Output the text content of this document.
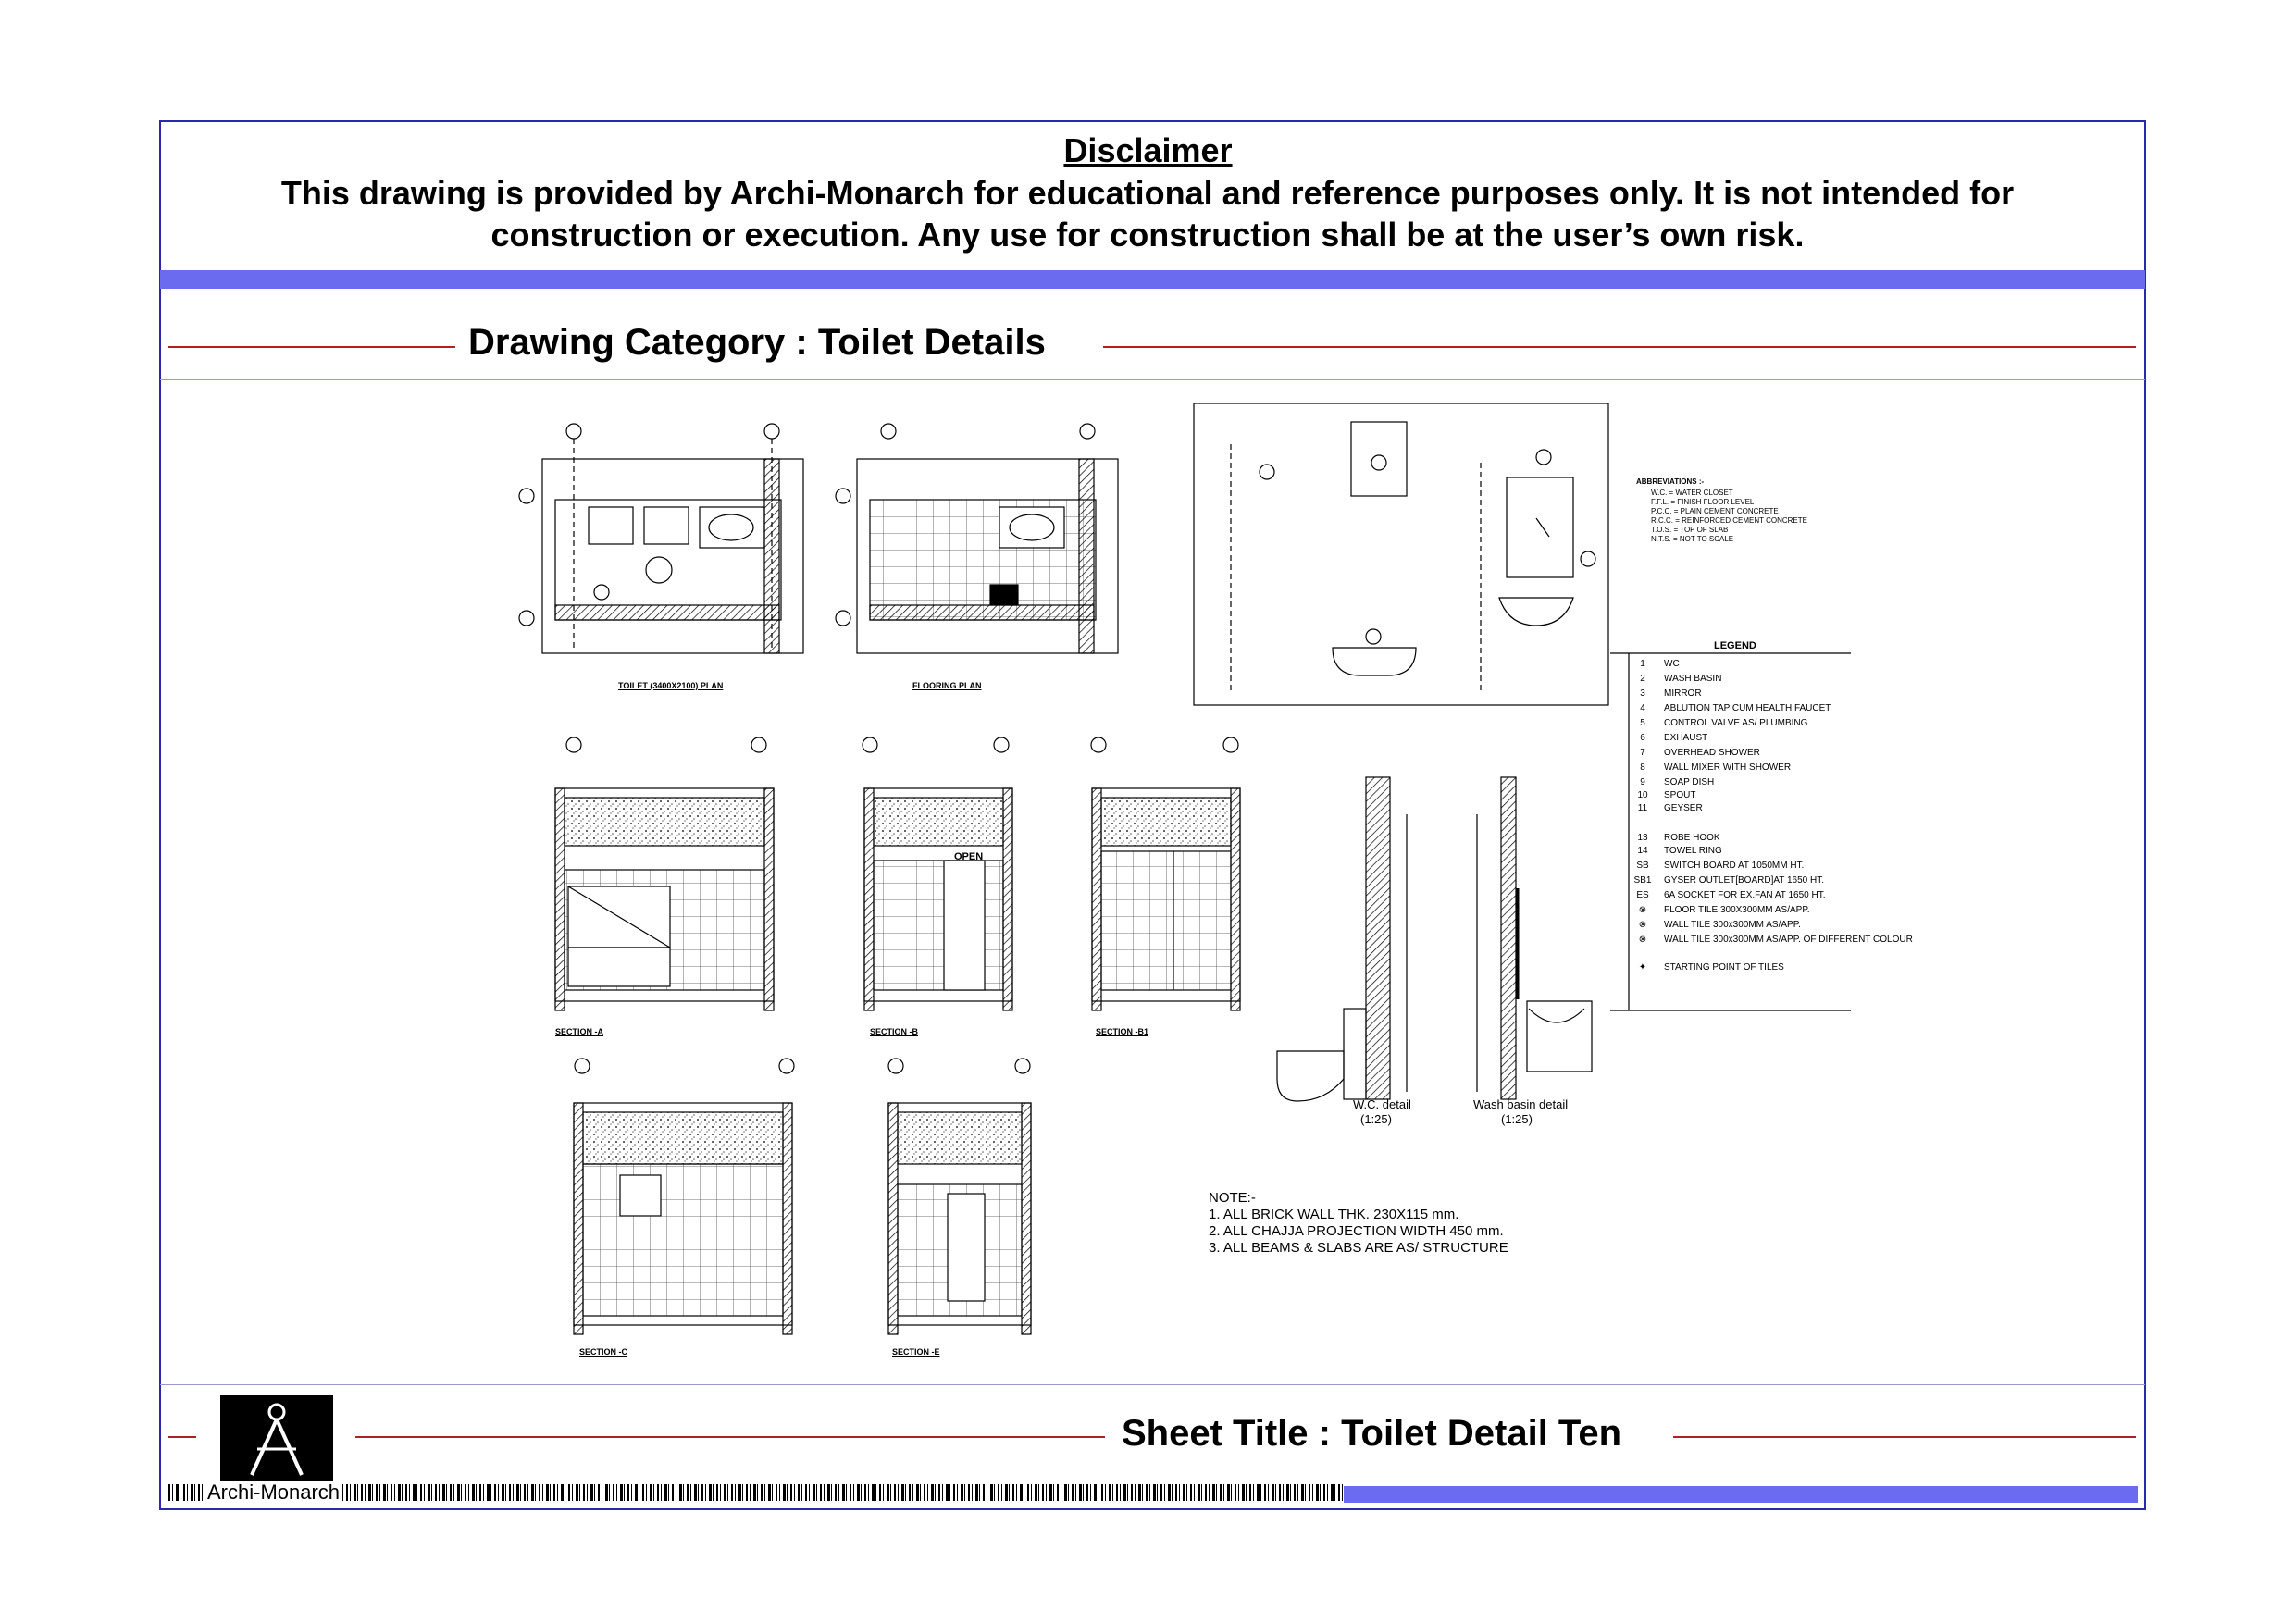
Disclaimer
This drawing is provided by Archi-Monarch for educational and reference purposes only. It is not intended for construction or execution. Any use for construction shall be at the user’s own risk.
Drawing Category : Toilet Details
TOILET (3400X2100) PLAN	FLOORING PLAN
SECTION -A	SECTION -B	SECTION -B1
SECTION -C	SECTION -E
OPEN
W.C. detail
(1:25)
Wash basin detail
(1:25)
ABBREVIATIONS :-
W.C. = WATER CLOSET
F.F.L. = FINISH FLOOR LEVEL
P.C.C. = PLAIN CEMENT CONCRETE
R.C.C. = REINFORCED CEMENT CONCRETE
T.O.S. = TOP OF SLAB
N.T.S. = NOT TO SCALE
LEGEND
1 WC
2 WASH BASIN
3 MIRROR
4 ABLUTION TAP CUM HEALTH FAUCET
5 CONTROL VALVE AS/ PLUMBING
6 EXHAUST
7 OVERHEAD SHOWER
8 WALL MIXER WITH SHOWER
9 SOAP DISH
10 SPOUT
11 GEYSER
13 ROBE HOOK
14 TOWEL RING
SB SWITCH BOARD AT 1050MM HT.
SB1 GYSER OUTLET[BOARD]AT 1650 HT.
ES 6A SOCKET FOR EX.FAN AT 1650 HT.
⊗ FLOOR TILE 300X300MM AS/APP.
⊗ WALL TILE 300x300MM AS/APP.
⊗ WALL TILE 300x300MM AS/APP. OF DIFFERENT COLOUR
✦ STARTING POINT OF TILES
NOTE:-
1. ALL BRICK WALL THK. 230X115 mm.
2. ALL CHAJJA PROJECTION WIDTH 450 mm.
3. ALL BEAMS & SLABS ARE AS/ STRUCTURE
Sheet Title : Toilet Detail Ten
Archi-Monarch
